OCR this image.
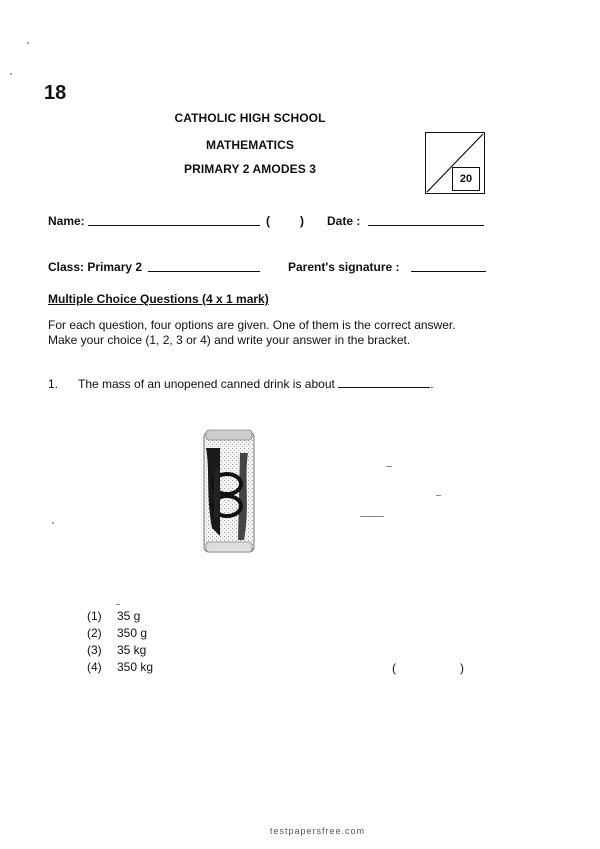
18
CATHOLIC HIGH SCHOOL
MATHEMATICS
PRIMARY 2 AMODES 3
20
Name:	(	) Date :
Class: Primary 2	Parent's signature :
Multiple Choice Questions (4 x 1 mark)
For each question, four options are given. One of them is the correct answer. Make your choice (1, 2, 3 or 4) and write your answer in the bracket.
1. The mass of an unopened canned drink is about	.
(1) 35 g
(2) 350 g
(3) 35 kg
(4) 350 kg	(	)
testpapersfree.com
